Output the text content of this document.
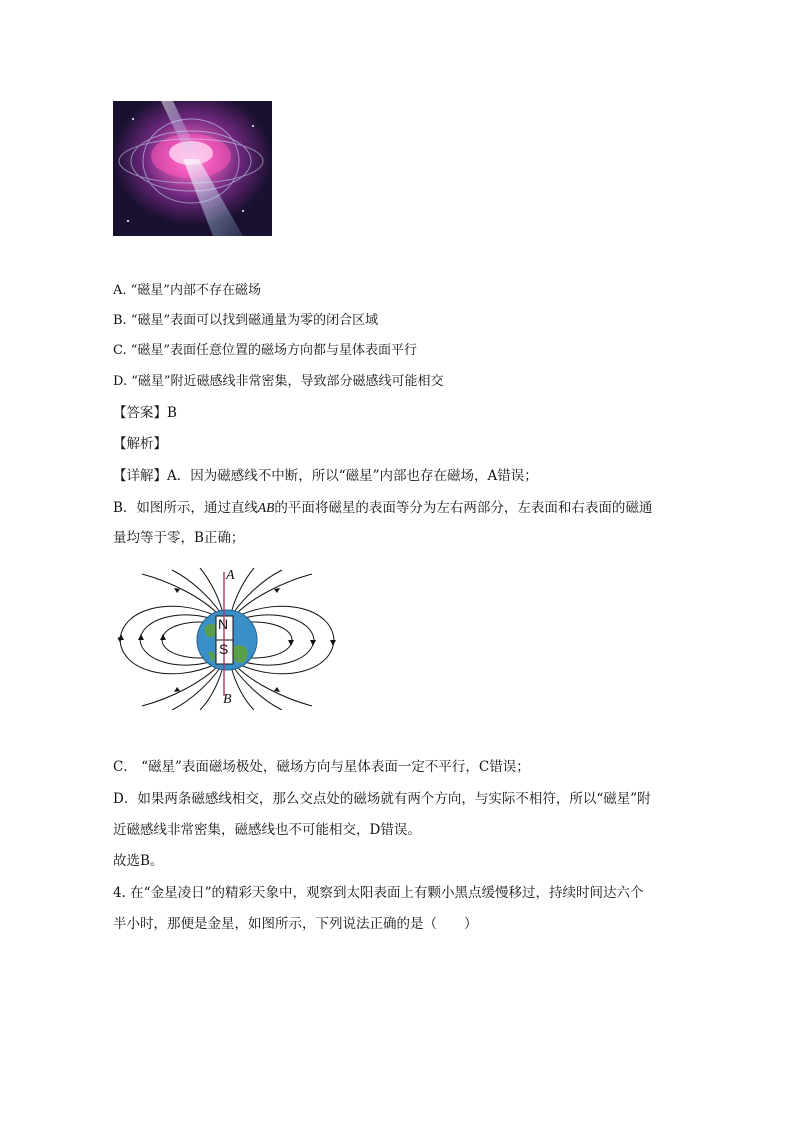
A. “磁星”内部不存在磁场
B. “磁星”表面可以找到磁通量为零的闭合区域
C. “磁星”表面任意位置的磁场方向都与星体表面平行
D. “磁星”附近磁感线非常密集，导致部分磁感线可能相交
【答案】B
【解析】
【详解】A．因为磁感线不中断，所以“磁星”内部也存在磁场，A错误；
B．如图所示，通过直线AB的平面将磁星的表面等分为左右两部分，左表面和右表面的磁通
量均等于零，B正确；
A
B
N
S
C． “磁星”表面磁场极处，磁场方向与星体表面一定不平行，C错误；
D．如果两条磁感线相交，那么交点处的磁场就有两个方向，与实际不相符，所以“磁星”附
近磁感线非常密集，磁感线也不可能相交，D错误。
故选B。
4. 在“金星凌日”的精彩天象中，观察到太阳表面上有颗小黑点缓慢移过，持续时间达六个
半小时，那便是金星，如图所示，下列说法正确的是（　　）
